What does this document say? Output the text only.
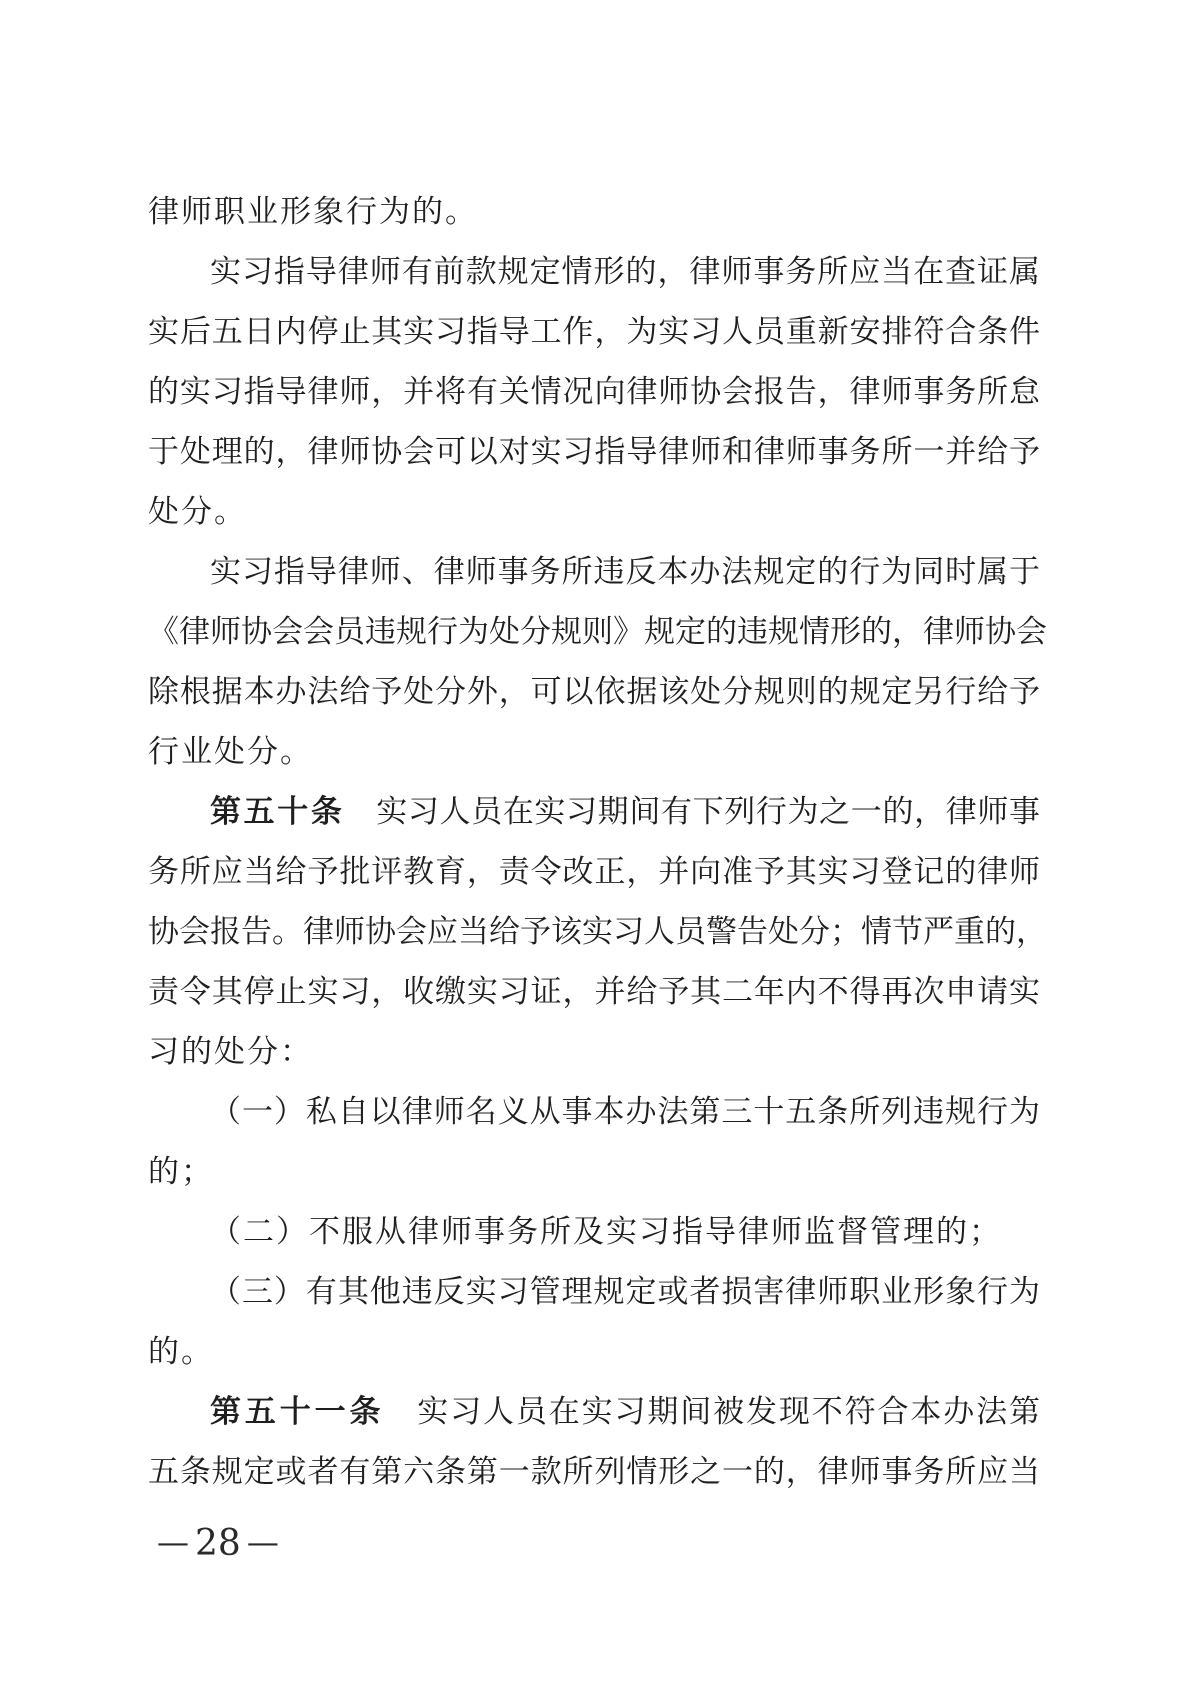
律师职业形象行为的。
实习指导律师有前款规定情形的，律师事务所应当在查证属
实后五日内停止其实习指导工作，为实习人员重新安排符合条件
的实习指导律师，并将有关情况向律师协会报告，律师事务所怠
于处理的，律师协会可以对实习指导律师和律师事务所一并给予
处分。
实习指导律师、律师事务所违反本办法规定的行为同时属于
《律师协会会员违规行为处分规则》规定的违规情形的，律师协会
除根据本办法给予处分外，可以依据该处分规则的规定另行给予
行业处分。
第五十条　实习人员在实习期间有下列行为之一的，律师事
务所应当给予批评教育，责令改正，并向准予其实习登记的律师
协会报告。律师协会应当给予该实习人员警告处分；情节严重的，
责令其停止实习，收缴实习证，并给予其二年内不得再次申请实
习的处分：
（一）私自以律师名义从事本办法第三十五条所列违规行为
的；
（二）不服从律师事务所及实习指导律师监督管理的；
（三）有其他违反实习管理规定或者损害律师职业形象行为
的。
第五十一条　实习人员在实习期间被发现不符合本办法第
五条规定或者有第六条第一款所列情形之一的，律师事务所应当
— 28 —
